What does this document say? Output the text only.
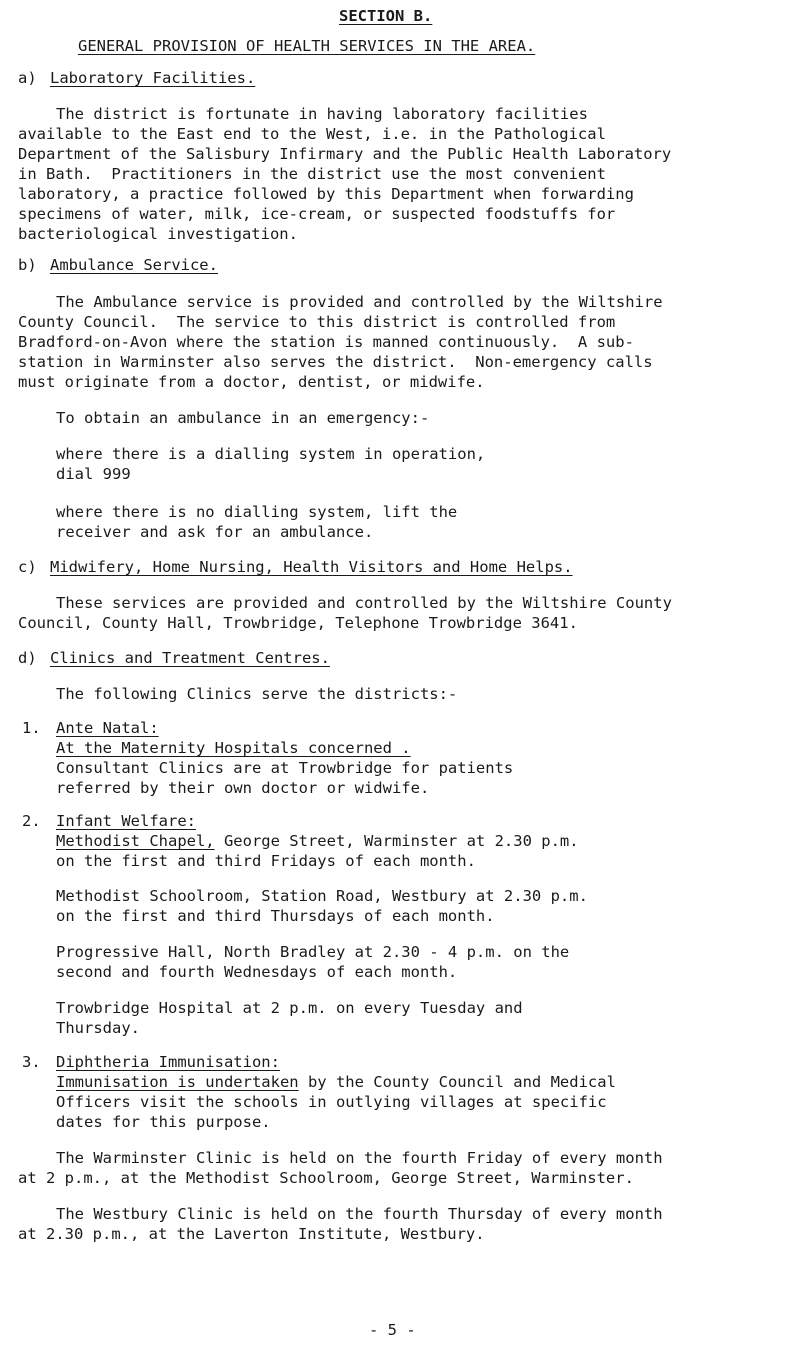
SECTION B.
GENERAL PROVISION OF HEALTH SERVICES IN THE AREA.
a) Laboratory Facilities.
The district is fortunate in having laboratory facilities
available to the East end to the West, i.e. in the Pathological
Department of the Salisbury Infirmary and the Public Health Laboratory
in Bath.  Practitioners in the district use the most convenient
laboratory, a practice followed by this Department when forwarding
specimens of water, milk, ice-cream, or suspected foodstuffs for
bacteriological investigation.
b) Ambulance Service.
The Ambulance service is provided and controlled by the Wiltshire
County Council.  The service to this district is controlled from
Bradford-on-Avon where the station is manned continuously.  A sub-
station in Warminster also serves the district.  Non-emergency calls
must originate from a doctor, dentist, or midwife.
To obtain an ambulance in an emergency:-
where there is a dialling system in operation,
dial 999
where there is no dialling system, lift the
receiver and ask for an ambulance.
c) Midwifery, Home Nursing, Health Visitors and Home Helps.
These services are provided and controlled by the Wiltshire County
Council, County Hall, Trowbridge, Telephone Trowbridge 3641.
d) Clinics and Treatment Centres.
The following Clinics serve the districts:-
1. Ante Natal:
At the Maternity Hospitals concerned .
Consultant Clinics are at Trowbridge for patients
referred by their own doctor or widwife.
2. Infant Welfare:
Methodist Chapel, George Street, Warminster at 2.30 p.m.
on the first and third Fridays of each month.
Methodist Schoolroom, Station Road, Westbury at 2.30 p.m.
on the first and third Thursdays of each month.
Progressive Hall, North Bradley at 2.30 - 4 p.m. on the
second and fourth Wednesdays of each month.
Trowbridge Hospital at 2 p.m. on every Tuesday and
Thursday.
3. Diphtheria Immunisation:
Immunisation is undertaken by the County Council and Medical
Officers visit the schools in outlying villages at specific
dates for this purpose.
The Warminster Clinic is held on the fourth Friday of every month
at 2 p.m., at the Methodist Schoolroom, George Street, Warminster.
The Westbury Clinic is held on the fourth Thursday of every month
at 2.30 p.m., at the Laverton Institute, Westbury.
- 5 -
